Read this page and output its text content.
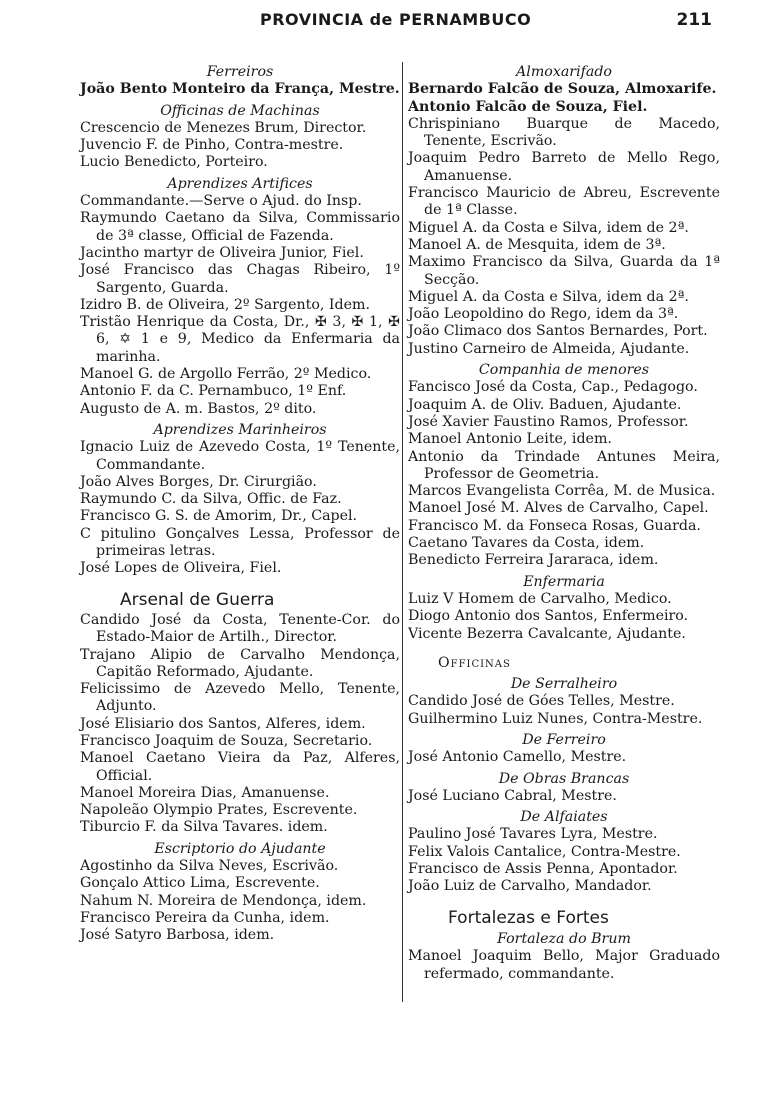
PROVINCIA de PERNAMBUCO	211
Ferreiros
João Bento Monteiro da França, Mestre.
Officinas de Machinas
Crescencio de Menezes Brum, Director.
Juvencio F. de Pinho, Contra-mestre.
Lucio Benedicto, Porteiro.
Aprendizes Artifices
Commandante.—Serve o Ajud. do Insp.
Raymundo Caetano da Silva, Commissario de 3ª classe, Official de Fazenda.
Jacintho martyr de Oliveira Junior, Fiel.
José Francisco das Chagas Ribeiro, 1º Sargento, Guarda.
Izidro B. de Oliveira, 2º Sargento, Idem.
Tristão Henrique da Costa, Dr., ✠ 3, ✠ 1, ✠ 6, ✡ 1 e 9, Medico da Enfermaria da marinha.
Manoel G. de Argollo Ferrão, 2º Medico.
Antonio F. da C. Pernambuco, 1º Enf.
Augusto de A. m. Bastos, 2º dito.
Aprendizes Marinheiros
Ignacio Luiz de Azevedo Costa, 1º Tenente, Commandante.
João Alves Borges, Dr. Cirurgião.
Raymundo C. da Silva, Offic. de Faz.
Francisco G. S. de Amorim, Dr., Capel.
C pitulino Gonçalves Lessa, Professor de primeiras letras.
José Lopes de Oliveira, Fiel.
Arsenal de Guerra
Candido José da Costa, Tenente-Cor. do Estado-Maior de Artilh., Director.
Trajano Alipio de Carvalho Mendonça, Capitão Reformado, Ajudante.
Felicissimo de Azevedo Mello, Tenente, Adjunto.
José Elisiario dos Santos, Alferes, idem.
Francisco Joaquim de Souza, Secretario.
Manoel Caetano Vieira da Paz, Alferes, Official.
Manoel Moreira Dias, Amanuense.
Napoleão Olympio Prates, Escrevente.
Tiburcio F. da Silva Tavares. idem.
Escriptorio do Ajudante
Agostinho da Silva Neves, Escrivão.
Gonçalo Attico Lima, Escrevente.
Nahum N. Moreira de Mendonça, idem.
Francisco Pereira da Cunha, idem.
José Satyro Barbosa, idem.
Almoxarifado
Bernardo Falcão de Souza, Almoxarife.
Antonio Falcão de Souza, Fiel.
Chrispiniano Buarque de Macedo, Tenente, Escrivão.
Joaquim Pedro Barreto de Mello Rego, Amanuense.
Francisco Mauricio de Abreu, Escrevente de 1ª Classe.
Miguel A. da Costa e Silva, idem de 2ª.
Manoel A. de Mesquita, idem de 3ª.
Maximo Francisco da Silva, Guarda da 1ª Secção.
Miguel A. da Costa e Silva, idem da 2ª.
João Leopoldino do Rego, idem da 3ª.
João Climaco dos Santos Bernardes, Port.
Justino Carneiro de Almeida, Ajudante.
Companhia de menores
Fancisco José da Costa, Cap., Pedagogo.
Joaquim A. de Oliv. Baduen, Ajudante.
José Xavier Faustino Ramos, Professor.
Manoel Antonio Leite, idem.
Antonio da Trindade Antunes Meira, Professor de Geometria.
Marcos Evangelista Corrêa, M. de Musica.
Manoel José M. Alves de Carvalho, Capel.
Francisco M. da Fonseca Rosas, Guarda.
Caetano Tavares da Costa, idem.
Benedicto Ferreira Jararaca, idem.
Enfermaria
Luiz V Homem de Carvalho, Medico.
Diogo Antonio dos Santos, Enfermeiro.
Vicente Bezerra Cavalcante, Ajudante.
Officinas
De Serralheiro
Candido José de Góes Telles, Mestre.
Guilhermino Luiz Nunes, Contra-Mestre.
De Ferreiro
José Antonio Camello, Mestre.
De Obras Brancas
José Luciano Cabral, Mestre.
De Alfaiates
Paulino José Tavares Lyra, Mestre.
Felix Valois Cantalice, Contra-Mestre.
Francisco de Assis Penna, Apontador.
João Luiz de Carvalho, Mandador.
Fortalezas e Fortes
Fortaleza do Brum
Manoel Joaquim Bello, Major Graduado refermado, commandante.
